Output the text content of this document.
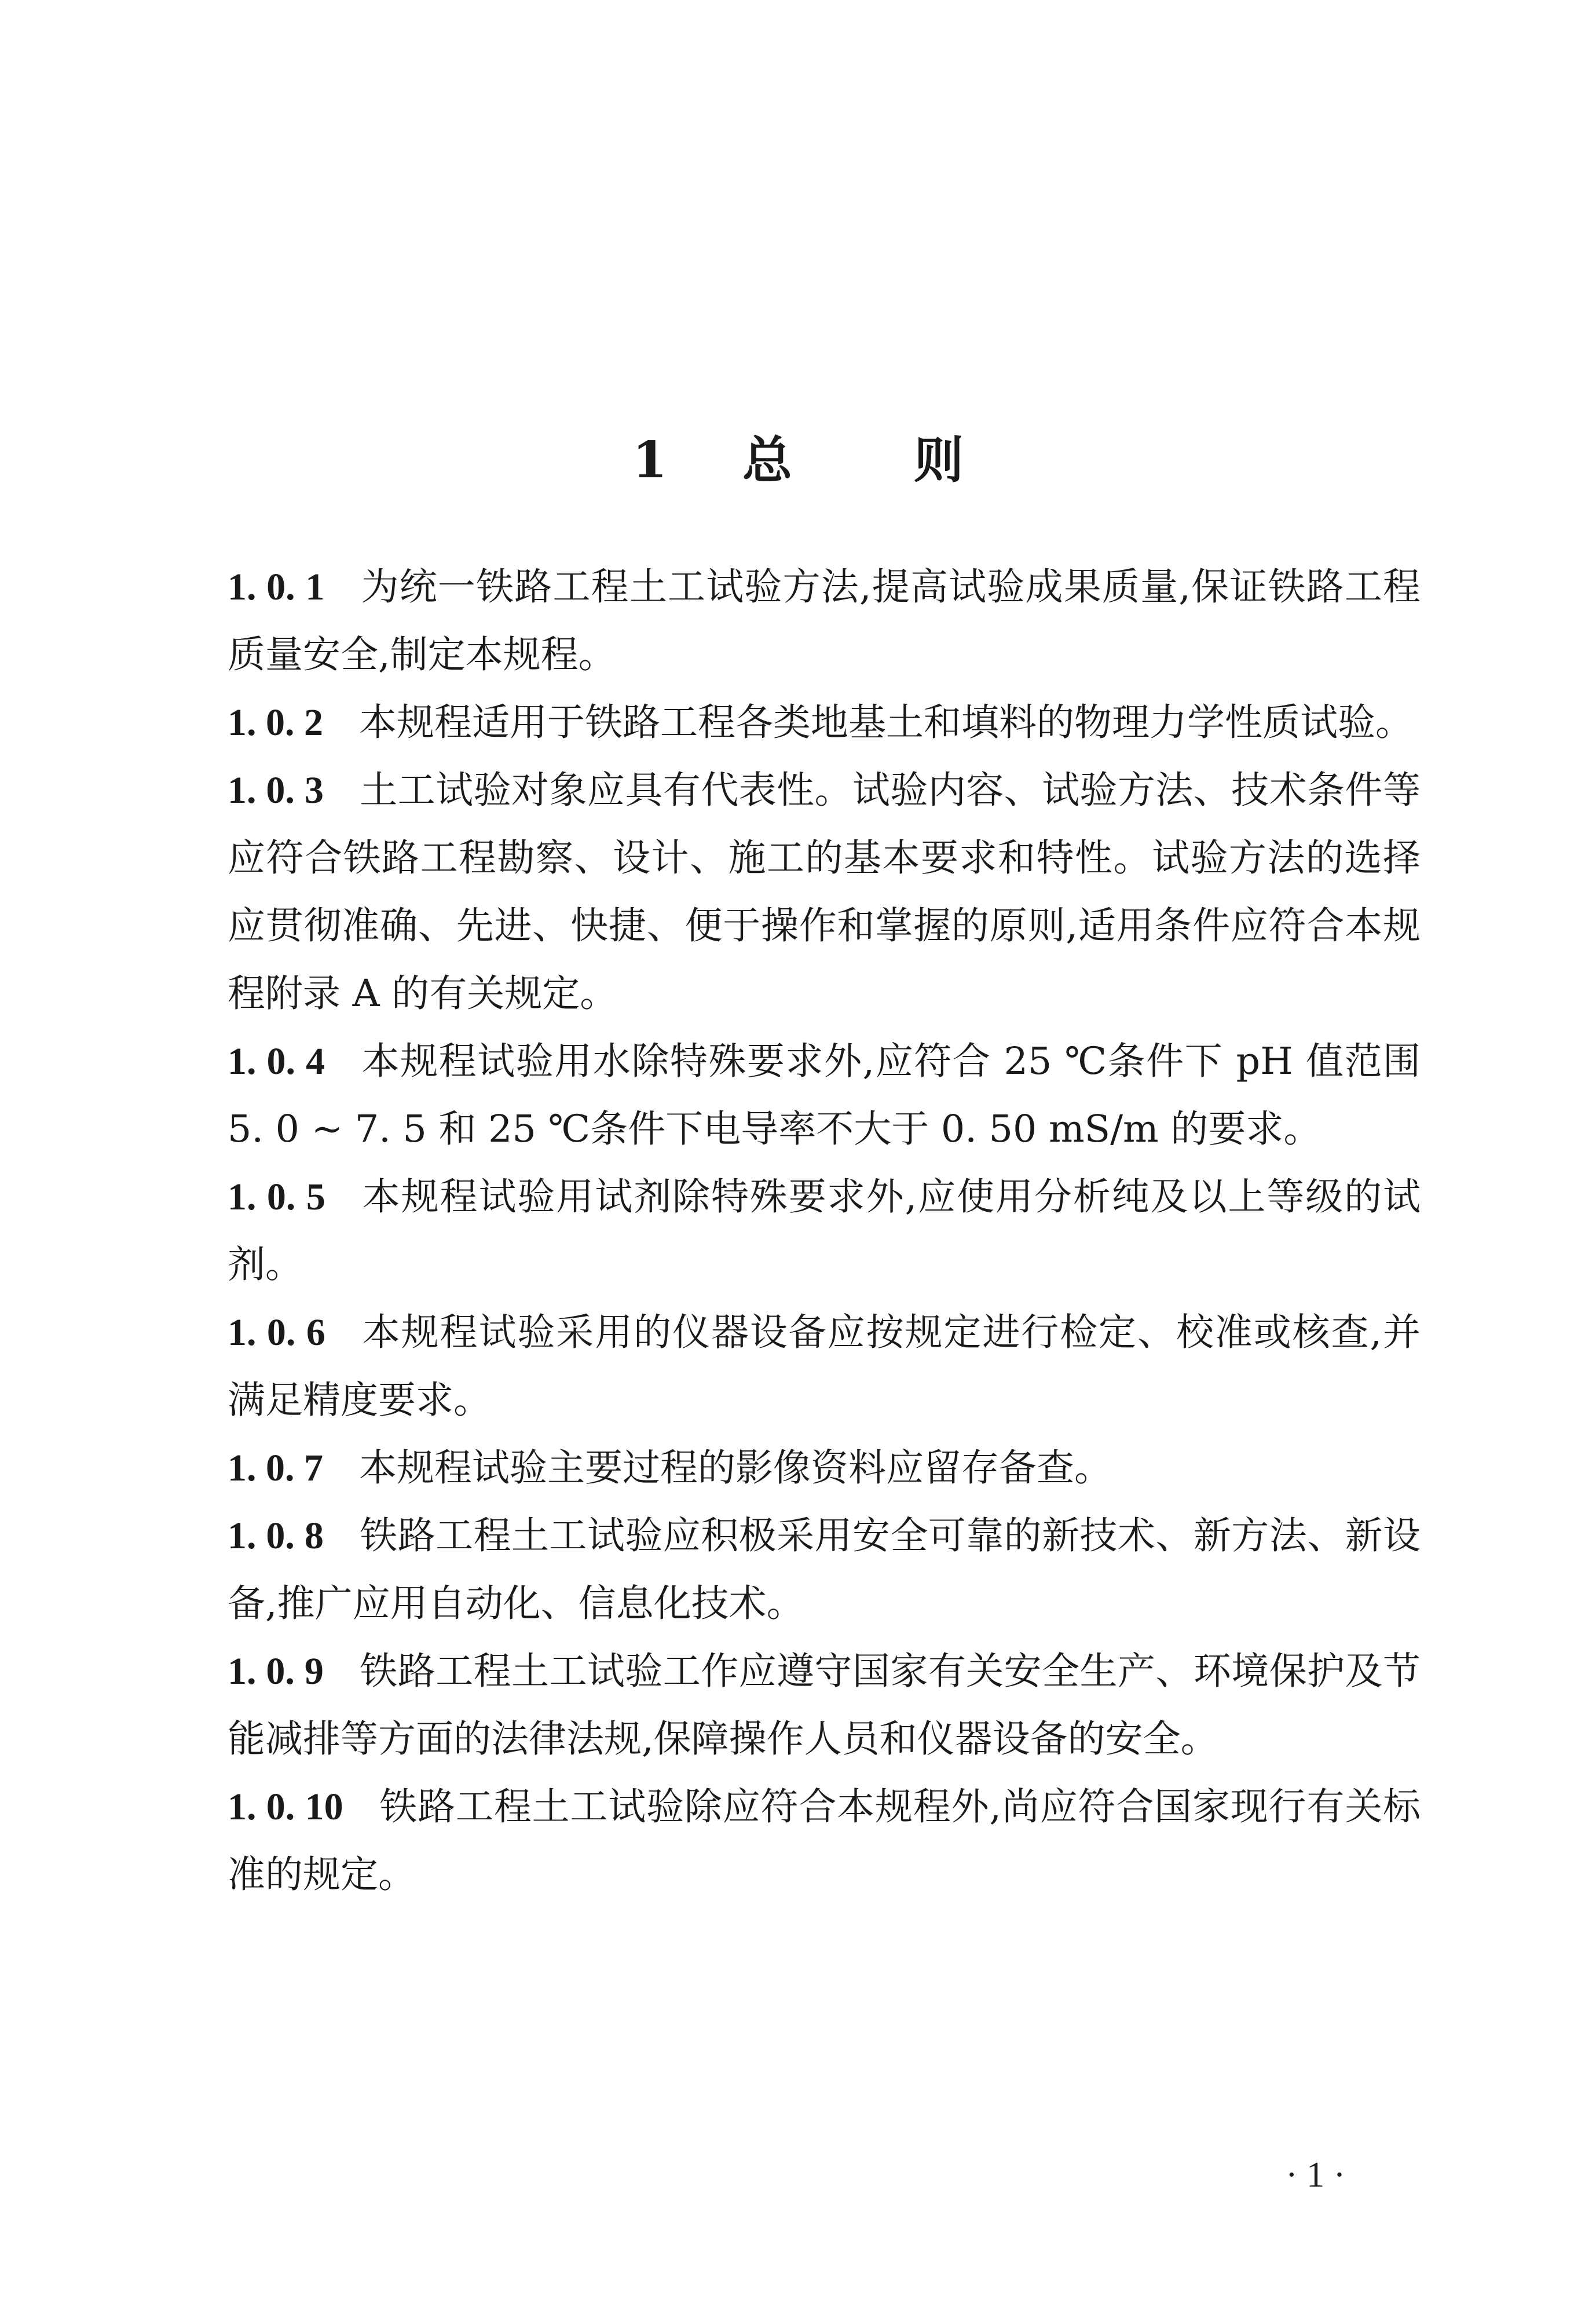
1 总 则

1. 0. 1 为统一铁路工程土工试验方法,提高试验成果质量,保证铁路工程质量安全,制定本规程。

1. 0. 2 本规程适用于铁路工程各类地基土和填料的物理力学性质试验。

1. 0. 3 土工试验对象应具有代表性。试验内容、试验方法、技术条件等应符合铁路工程勘察、设计、施工的基本要求和特性。试验方法的选择应贯彻准确、先进、快捷、便于操作和掌握的原则,适用条件应符合本规程附录 A 的有关规定。

1. 0. 4 本规程试验用水除特殊要求外,应符合 25 ℃条件下 pH 值范围 5. 0 ~ 7. 5 和 25 ℃条件下电导率不大于 0. 50 mS/m 的要求。

1. 0. 5 本规程试验用试剂除特殊要求外,应使用分析纯及以上等级的试剂。

1. 0. 6 本规程试验采用的仪器设备应按规定进行检定、校准或核查,并满足精度要求。

1. 0. 7 本规程试验主要过程的影像资料应留存备查。

1. 0. 8 铁路工程土工试验应积极采用安全可靠的新技术、新方法、新设备,推广应用自动化、信息化技术。

1. 0. 9 铁路工程土工试验工作应遵守国家有关安全生产、环境保护及节能减排等方面的法律法规,保障操作人员和仪器设备的安全。

1. 0. 10 铁路工程土工试验除应符合本规程外,尚应符合国家现行有关标准的规定。

· 1 ·
